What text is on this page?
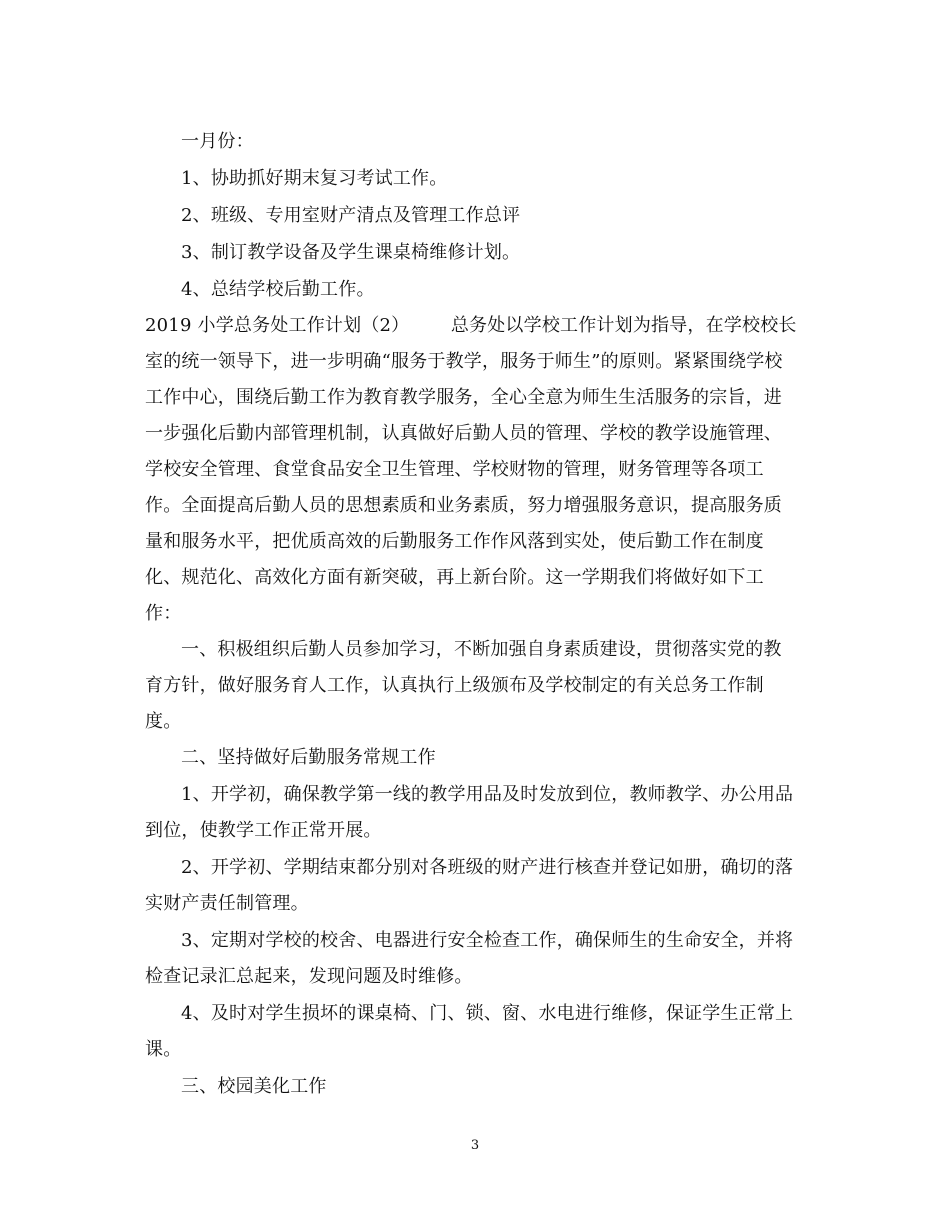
一月份：
1、协助抓好期末复习考试工作。
2、班级、专用室财产清点及管理工作总评
3、制订教学设备及学生课桌椅维修计划。
4、总结学校后勤工作。
2019 小学总务处工作计划（2）       总务处以学校工作计划为指导，在学校校长
室的统一领导下，进一步明确“服务于教学，服务于师生”的原则。紧紧围绕学校
工作中心，围绕后勤工作为教育教学服务，全心全意为师生生活服务的宗旨，进
一步强化后勤内部管理机制，认真做好后勤人员的管理、学校的教学设施管理、
学校安全管理、食堂食品安全卫生管理、学校财物的管理，财务管理等各项工
作。全面提高后勤人员的思想素质和业务素质，努力增强服务意识，提高服务质
量和服务水平，把优质高效的后勤服务工作作风落到实处，使后勤工作在制度
化、规范化、高效化方面有新突破，再上新台阶。这一学期我们将做好如下工
作：
一、积极组织后勤人员参加学习，不断加强自身素质建设，贯彻落实党的教
育方针，做好服务育人工作，认真执行上级颁布及学校制定的有关总务工作制
度。
二、坚持做好后勤服务常规工作
1、开学初，确保教学第一线的教学用品及时发放到位，教师教学、办公用品
到位，使教学工作正常开展。
2、开学初、学期结束都分别对各班级的财产进行核查并登记如册，确切的落
实财产责任制管理。
3、定期对学校的校舍、电器进行安全检查工作，确保师生的生命安全，并将
检查记录汇总起来，发现问题及时维修。
4、及时对学生损坏的课桌椅、门、锁、窗、水电进行维修，保证学生正常上
课。
三、校园美化工作
3
